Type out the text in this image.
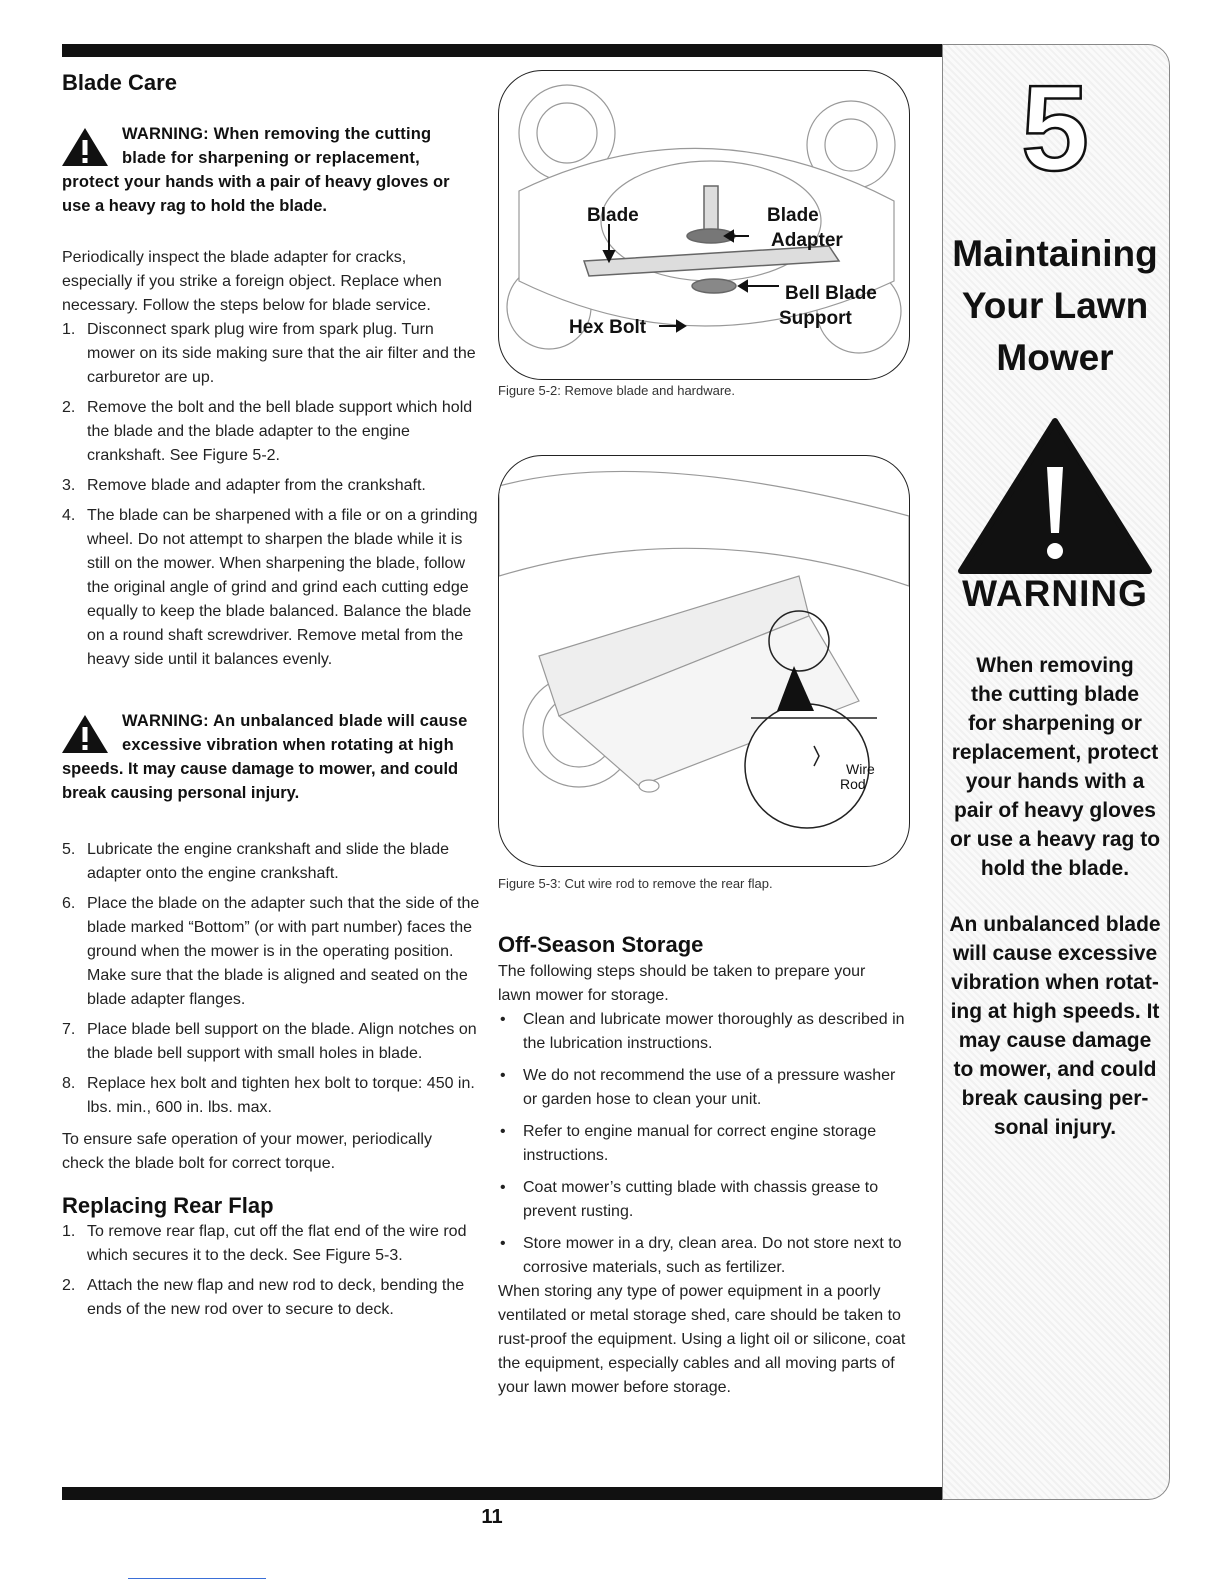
Blade Care
WARNING: When removing the cutting blade for sharpening or replacement, protect your hands with a pair of heavy gloves or use a heavy rag to hold the blade.

Periodically inspect the blade adapter for cracks, especially if you strike a foreign object. Replace when necessary. Follow the steps below for blade service.

1. Disconnect spark plug wire from spark plug. Turn mower on its side making sure that the air filter and the carburetor are up.
2. Remove the bolt and the bell blade support which hold the blade and the blade adapter to the engine crankshaft. See Figure 5-2.
3. Remove blade and adapter from the crankshaft.
4. The blade can be sharpened with a file or on a grinding wheel. Do not attempt to sharpen the blade while it is still on the mower. When sharpening the blade, follow the original angle of grind and grind each cutting edge equally to keep the blade balanced. Balance the blade on a round shaft screwdriver. Remove metal from the heavy side until it balances evenly.
WARNING: An unbalanced blade will cause excessive vibration when rotating at high speeds. It may cause damage to mower, and could break causing personal injury.
5. Lubricate the engine crankshaft and slide the blade adapter onto the engine crankshaft.
6. Place the blade on the adapter such that the side of the blade marked “Bottom” (or with part number) faces the ground when the mower is in the operating position. Make sure that the blade is aligned and seated on the blade adapter flanges.
7. Place blade bell support on the blade. Align notches on the blade bell support with small holes in blade.
8. Replace hex bolt and tighten hex bolt to torque: 450 in. lbs. min., 600 in. lbs. max.

To ensure safe operation of your mower, periodically check the blade bolt for correct torque.

Replacing Rear Flap
1. To remove rear flap, cut off the flat end of the wire rod which secures it to the deck. See Figure 5-3.
2. Attach the new flap and new rod to deck, bending the ends of the new rod over to secure to deck.
Blade	Blade
Adapter
Bell Blade
Support
Hex Bolt
Figure 5-2: Remove blade and hardware.
Wire
Rod
Figure 5-3: Cut wire rod to remove the rear flap.
Off-Season Storage

The following steps should be taken to prepare your lawn mower for storage.

• Clean and lubricate mower thoroughly as described in the lubrication instructions.
• We do not recommend the use of a pressure washer or garden hose to clean your unit.
• Refer to engine manual for correct engine storage instructions.
• Coat mower’s cutting blade with chassis grease to prevent rusting.
• Store mower in a dry, clean area. Do not store next to corrosive materials, such as fertilizer.

When storing any type of power equipment in a poorly ventilated or metal storage shed, care should be taken to rust-proof the equipment. Using a light oil or silicone, coat the equipment, especially cables and all moving parts of your lawn mower before storage.

5
Maintaining
Your Lawn
Mower
WARNING
When removing
the cutting blade
for sharpening or
replacement, protect
your hands with a
pair of heavy gloves
or use a heavy rag to
hold the blade.
An unbalanced blade
will cause excessive
vibration when rotat-
ing at high speeds. It
may cause damage
to mower, and could
break causing per-
sonal injury.
11
